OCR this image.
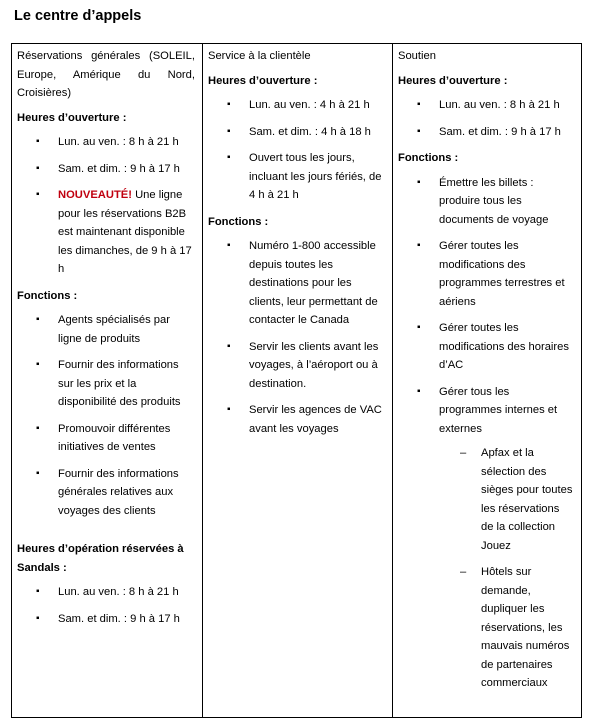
Le centre d’appels
Réservations générales (SOLEIL, Europe, Amérique du Nord, Croisières)
Heures d’ouverture :
▪ Lun. au ven. : 8 h à 21 h
▪ Sam. et dim. : 9 h à 17 h
▪ NOUVEAUTÉ! Une ligne pour les réservations B2B est maintenant disponible les dimanches, de 9 h à 17 h
Fonctions :
▪ Agents spécialisés par ligne de produits
▪ Fournir des informations sur les prix et la disponibilité des produits
▪ Promouvoir différentes initiatives de ventes
▪ Fournir des informations générales relatives aux voyages des clients
Heures d’opération réservées à Sandals :
▪ Lun. au ven. : 8 h à 21 h
▪ Sam. et dim. : 9 h à 17 h

Service à la clientèle
Heures d’ouverture :
▪ Lun. au ven. : 4 h à 21 h
▪ Sam. et dim. : 4 h à 18 h
▪ Ouvert tous les jours, incluant les jours fériés, de 4 h à 21 h
Fonctions :
▪ Numéro 1-800 accessible depuis toutes les destinations pour les clients, leur permettant de contacter le Canada
▪ Servir les clients avant les voyages, à l’aéroport ou à destination.
▪ Servir les agences de VAC avant les voyages

Soutien
Heures d’ouverture :
▪ Lun. au ven. : 8 h à 21 h
▪ Sam. et dim. : 9 h à 17 h
Fonctions :
▪ Émettre les billets : produire tous les documents de voyage
▪ Gérer toutes les modifications des programmes terrestres et aériens
▪ Gérer toutes les modifications des horaires d’AC
▪ Gérer tous les programmes internes et externes
– Apfax et la sélection des sièges pour toutes les réservations de la collection Jouez
– Hôtels sur demande, dupliquer les réservations, les mauvais numéros de partenaires commerciaux
